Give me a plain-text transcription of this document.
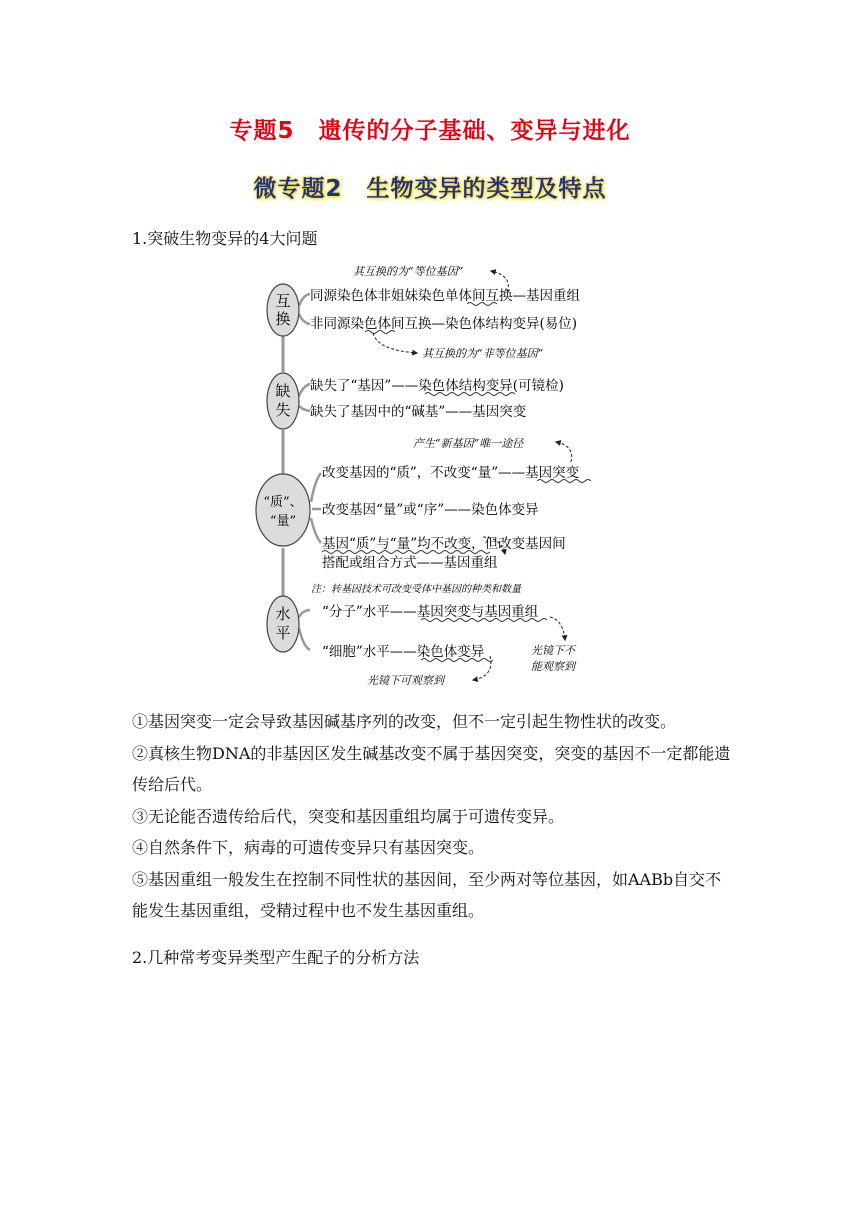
专题5　遗传的分子基础、变异与进化
微专题2　生物变异的类型及特点
1.突破生物变异的4大问题
互
换
缺
失
“质”、
“量”
水
平
其互换的为“等位基因”
其互换的为“非等位基因”
产生“新基因”唯一途径
注：转基因技术可改变受体中基因的种类和数量
光镜下不
能观察到
光镜下可观察到
同源染色体非姐妹染色单体间互换—基因重组
非同源染色体间互换—染色体结构变异(易位)
缺失了“基因”——染色体结构变异(可镜检)
缺失了基因中的“碱基”——基因突变
改变基因的“质”，不改变“量”——基因突变
改变基因“量”或“序”——染色体变异
基因“质”与“量”均不改变，但改变基因间
搭配或组合方式——基因重组
“分子”水平——基因突变与基因重组
“细胞”水平——染色体变异

①基因突变一定会导致基因碱基序列的改变，但不一定引起生物性状的改变。

②真核生物DNA的非基因区发生碱基改变不属于基因突变，突变的基因不一定都能遗传给后代。

③无论能否遗传给后代，突变和基因重组均属于可遗传变异。

④自然条件下，病毒的可遗传变异只有基因突变。

⑤基因重组一般发生在控制不同性状的基因间，至少两对等位基因，如AABb自交不能发生基因重组，受精过程中也不发生基因重组。

2.几种常考变异类型产生配子的分析方法
